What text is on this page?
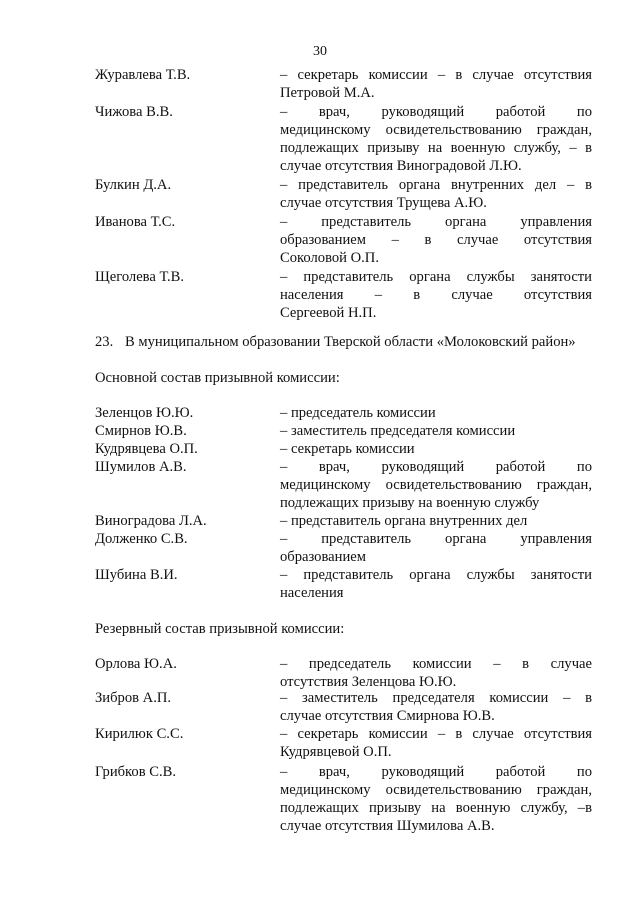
30
Журавлева Т.В.	– секретарь комиссии – в случае отсутствия
Петровой М.А.
Чижова В.В.	– врач, руководящий работой по
медицинскому освидетельствованию граждан,
подлежащих призыву на военную службу, – в
случае отсутствия Виноградовой Л.Ю.
Булкин Д.А.	– представитель органа внутренних дел – в
случае отсутствия Трущева А.Ю.
Иванова Т.С.	– представитель органа управления
образованием – в случае отсутствия
Соколовой О.П.
Щеголева Т.В.	– представитель органа службы занятости
населения – в случае отсутствия
Сергеевой Н.П.
23. В муниципальном образовании Тверской области «Молоковский район»
Основной состав призывной комиссии:
Зеленцов Ю.Ю.	– председатель комиссии
Смирнов Ю.В.	– заместитель председателя комиссии
Кудрявцева О.П.	– секретарь комиссии
Шумилов А.В.	– врач, руководящий работой по
медицинскому освидетельствованию граждан,
подлежащих призыву на военную службу
Виноградова Л.А.	– представитель органа внутренних дел
Долженко С.В.	– представитель органа управления
образованием
Шубина В.И.	– представитель органа службы занятости
населения
Резервный состав призывной комиссии:
Орлова Ю.А.	– председатель комиссии – в случае
отсутствия Зеленцова Ю.Ю.
Зибров А.П.	– заместитель председателя комиссии – в
случае отсутствия Смирнова Ю.В.
Кирилюк С.С.	– секретарь комиссии – в случае отсутствия
Кудрявцевой О.П.
Грибков С.В.	– врач, руководящий работой по
медицинскому освидетельствованию граждан,
подлежащих призыву на военную службу, –в
случае отсутствия Шумилова А.В.
